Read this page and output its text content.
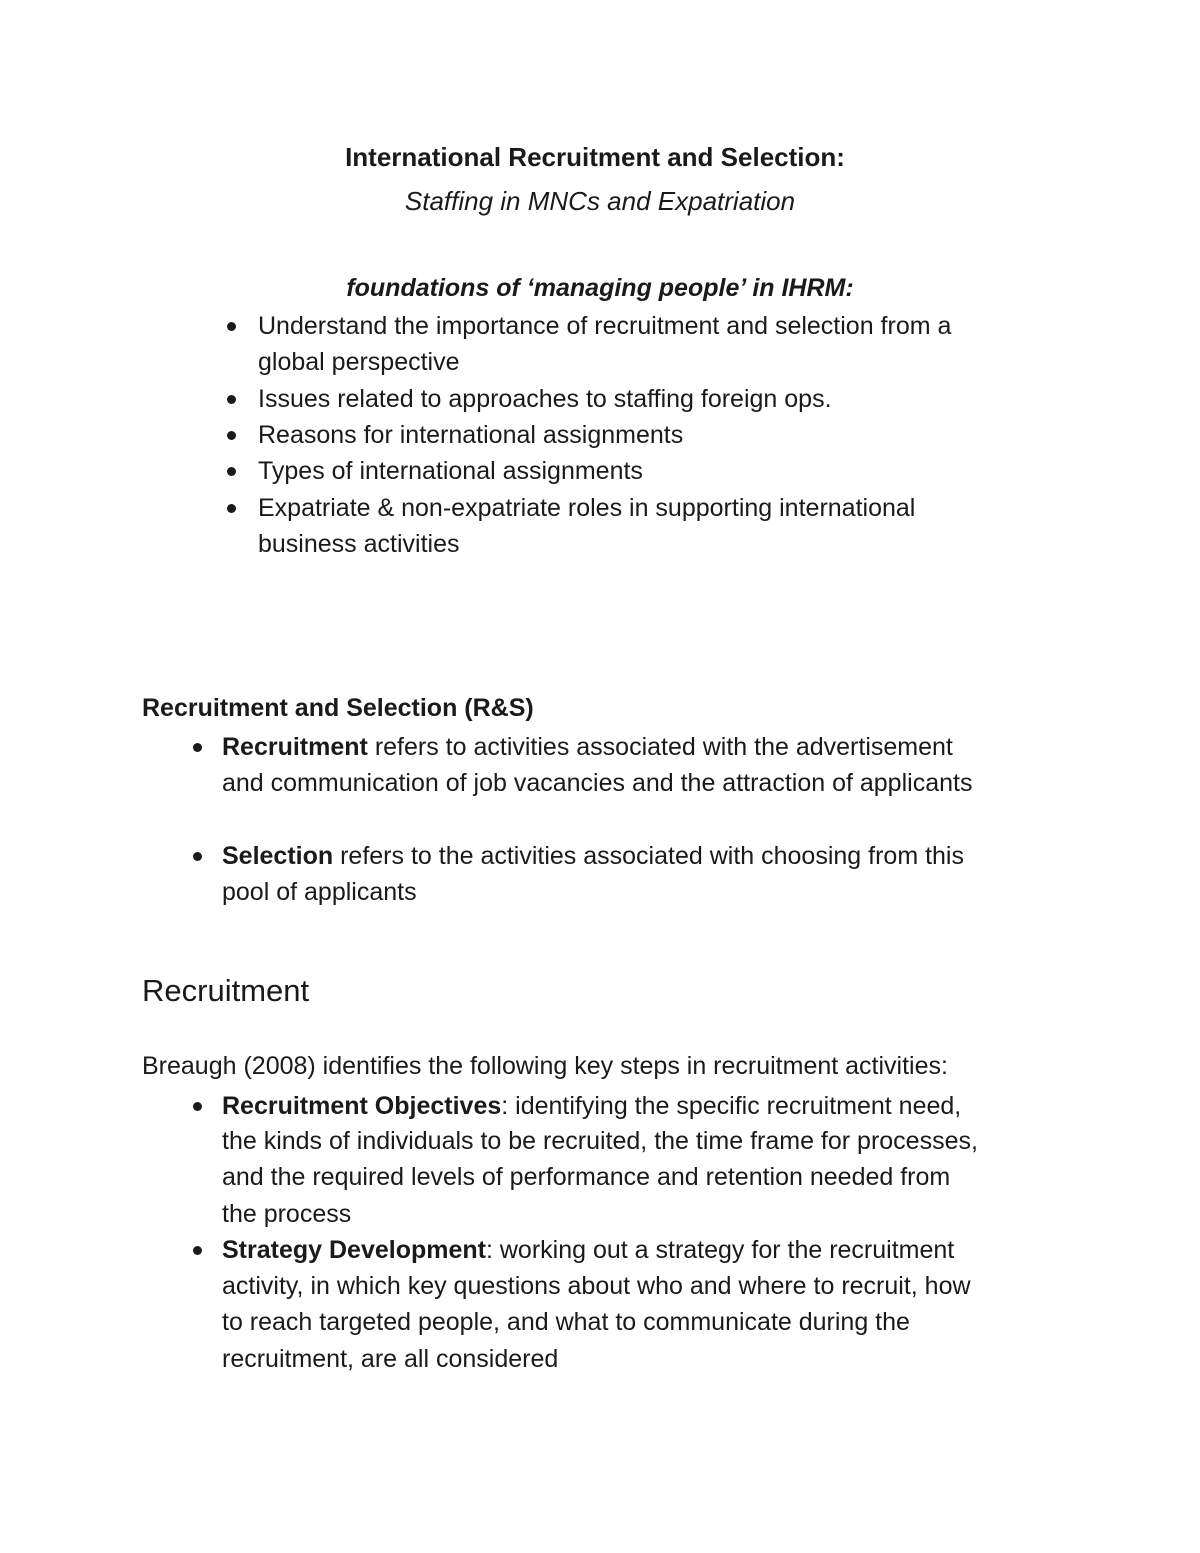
International Recruitment and Selection:
Staffing in MNCs and Expatriation
foundations of ‘managing people’ in IHRM:
Understand the importance of recruitment and selection from a
global perspective
Issues related to approaches to staffing foreign ops.
Reasons for international assignments
Types of international assignments
Expatriate & non-expatriate roles in supporting international
business activities
Recruitment and Selection (R&S)
Recruitment refers to activities associated with the advertisement
and communication of job vacancies and the attraction of applicants
Selection refers to the activities associated with choosing from this
pool of applicants
Recruitment
Breaugh (2008) identifies the following key steps in recruitment activities:
Recruitment Objectives: identifying the specific recruitment need,
the kinds of individuals to be recruited, the time frame for processes,
and the required levels of performance and retention needed from
the process
Strategy Development: working out a strategy for the recruitment
activity, in which key questions about who and where to recruit, how
to reach targeted people, and what to communicate during the
recruitment, are all considered
